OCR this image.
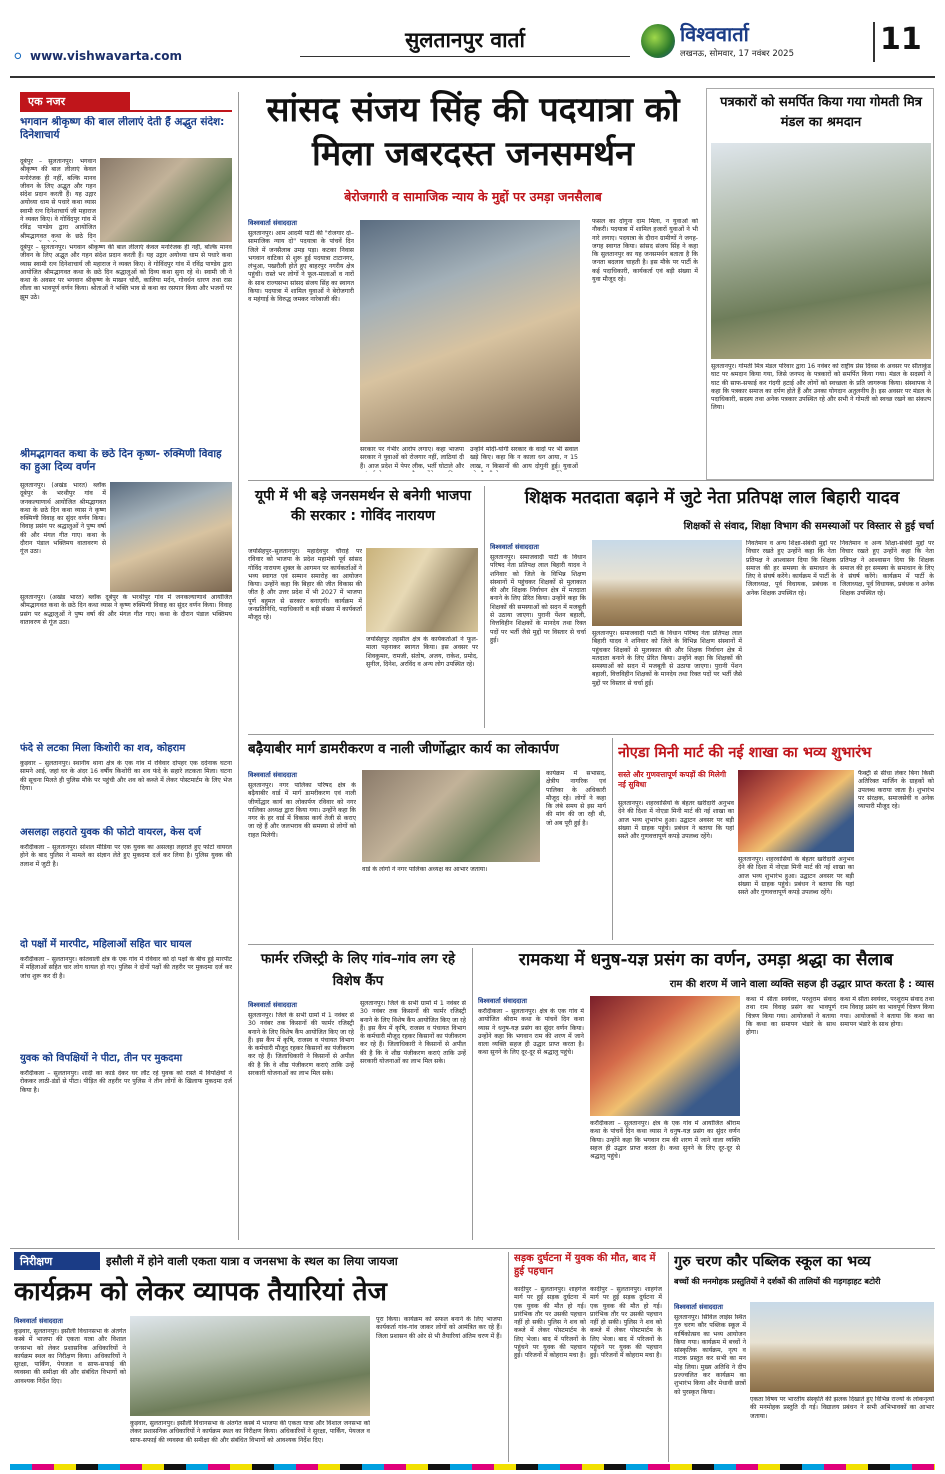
⚪ www.vishwavarta.com
सुलतानपुर वार्ता	विश्ववार्ता
लखनऊ, सोमवार, 17 नवंबर 2025	11
एक नजर
भगवान श्रीकृष्ण की बाल लीलाएं देती हैं अद्भुत संदेश: दिनेशाचार्य
दूबेपुर – सुलतानपुर। भगवान श्रीकृष्ण की बाल लीलाएं केवल मनोरंजक ही नहीं, बल्कि मानव जीवन के लिए अद्भुत और गहन संदेश प्रदान करती हैं। यह उद्गार अयोध्या धाम से पधारे कथा व्यास स्वामी रत्न दिनेशाचार्य जी महाराज ने व्यक्त किए। वे गोविंदपुर गांव में रविंद्र पाण्डेय द्वारा आयोजित श्रीमद्भागवत कथा के छठे दिन
दूबेपुर – सुलतानपुर। भगवान श्रीकृष्ण की बाल लीलाएं केवल मनोरंजक ही नहीं, बल्कि मानव जीवन के लिए अद्भुत और गहन संदेश प्रदान करती हैं। यह उद्गार अयोध्या धाम से पधारे कथा व्यास स्वामी रत्न दिनेशाचार्य जी महाराज ने व्यक्त किए। वे गोविंदपुर गांव में रविंद्र पाण्डेय द्वारा आयोजित श्रीमद्भागवत कथा के छठे दिन श्रद्धालुओं को दिव्य कथा सुना रहे थे। स्वामी जी ने कथा के अवसर पर भगवान श्रीकृष्ण के माखन चोरी, कालिया मर्दन, गोवर्धन धारण तथा रास लीला का भावपूर्ण वर्णन किया। श्रोताओं ने भक्ति भाव से कथा का रसपान किया और भजनों पर झूम उठे।
श्रीमद्भागवत कथा के छठे दिन कृष्ण- रुक्मिणी विवाह का हुआ दिव्य वर्णन
सुलतानपुर। (अखंड भारत) ब्लॉक दूबेपुर के भरथीपुर गांव में जनकल्याणार्थ आयोजित श्रीमद्भागवत कथा के छठे दिन कथा व्यास ने कृष्ण रुक्मिणी विवाह का सुंदर वर्णन किया। विवाह प्रसंग पर श्रद्धालुओं ने पुष्प वर्षा की और मंगल गीत गाए। कथा के दौरान पंडाल भक्तिमय वातावरण से गूंज उठा।
सुलतानपुर। (अखंड भारत) ब्लॉक दूबेपुर के भरथीपुर गांव में जनकल्याणार्थ आयोजित श्रीमद्भागवत कथा के छठे दिन कथा व्यास ने कृष्ण रुक्मिणी विवाह का सुंदर वर्णन किया। विवाह प्रसंग पर श्रद्धालुओं ने पुष्प वर्षा की और मंगल गीत गाए। कथा के दौरान पंडाल भक्तिमय वातावरण से गूंज उठा।
फंदे से लटका मिला किशोरी का शव, कोहराम
कुड़वार – सुलतानपुर। स्थानीय थाना क्षेत्र के एक गांव में रविवार दोपहर एक दर्दनाक घटना सामने आई, जहां घर के अंदर 16 वर्षीय किशोरी का शव फंदे के सहारे लटकता मिला। घटना की सूचना मिलते ही पुलिस मौके पर पहुंची और शव को कब्जे में लेकर पोस्टमार्टम के लिए भेज दिया।
असलहा लहराते युवक की फोटो वायरल, केस दर्ज
करौंदीकला – सुलतानपुर। सोशल मीडिया पर एक युवक का असलहा लहराते हुए फोटो वायरल होने के बाद पुलिस ने मामले का संज्ञान लेते हुए मुकदमा दर्ज कर लिया है। पुलिस युवक की तलाश में जुटी है।
दो पक्षों में मारपीट, महिलाओं सहित चार घायल
करौंदीकला – सुलतानपुर। कोतवाली क्षेत्र के एक गांव में रविवार को दो पक्षों के बीच हुई मारपीट में महिलाओं सहित चार लोग घायल हो गए। पुलिस ने दोनों पक्षों की तहरीर पर मुकदमा दर्ज कर जांच शुरू कर दी है।
युवक को विपक्षियों ने पीटा, तीन पर मुकदमा
करौंदीकला – सुलतानपुर। शादी का कार्ड देकर घर लौट रहे युवक को रास्ते में विपक्षियों ने रोककर लाठी-डंडों से पीटा। पीड़ित की तहरीर पर पुलिस ने तीन लोगों के खिलाफ मुकदमा दर्ज किया है।
सांसद संजय सिंह की पदयात्रा को मिला जबरदस्त जनसमर्थन
बेरोजगारी व सामाजिक न्याय के मुद्दों पर उमड़ा जनसैलाब
विश्ववार्ता संवाददाता
सुलतानपुर। आम आदमी पार्टी की "रोजगार दो–सामाजिक न्याय दो" पदयात्रा के पांचवें दिन जिले में जनसैलाब उमड़ पड़ा। कटका निवास भगवान वाटिका से शुरू हुई पदयात्रा टाटानगर, लंभुआ, पखरौली होते हुए बाहरपुर नगरीय क्षेत्र पहुंची। रास्ते भर लोगों ने फूल-मालाओं व नारों के साथ राज्यसभा सांसद संजय सिंह का स्वागत किया। पदयात्रा में शामिल युवाओं ने बेरोजगारी व महंगाई के विरुद्ध जमकर नारेबाजी की।
सरकार पर गंभीर आरोप लगाए। कहा भाजपा सरकार ने युवाओं को रोजगार नहीं, लाठियां दी हैं। आज प्रदेश में पेपर लीक, भर्ती घोटाले और
उन्होंने मोदी-योगी सरकार के वादों पर भी सवाल खड़े किए। कहा कि न काला धन आया, न 15 लाख, न किसानों की आय दोगुनी हुई। युवाओं
फसल का दोगुना दाम मिला, न युवाओं को नौकरी। पदयात्रा में शामिल हजारों युवाओं ने भी नारे लगाए। पदयात्रा के दौरान ग्रामीणों ने जगह-जगह स्वागत किया। सांसद संजय सिंह ने कहा कि सुलतानपुर का यह जनसमर्थन बताता है कि जनता बदलाव चाहती है। इस मौके पर पार्टी के कई पदाधिकारी, कार्यकर्ता एवं बड़ी संख्या में युवा मौजूद रहे।
पत्रकारों को समर्पित किया गया गोमती मित्र मंडल का श्रमदान
सुलतानपुर। गोमती मित्र मंडल परिवार द्वारा 16 नवंबर को राष्ट्रीय प्रेस दिवस के अवसर पर सीताकुंड घाट पर श्रमदान किया गया, जिसे जनपद के पत्रकारों को समर्पित किया गया। मंडल के सदस्यों ने घाट की साफ-सफाई कर गंदगी हटाई और लोगों को स्वच्छता के प्रति जागरूक किया। संस्थापक ने कहा कि पत्रकार समाज का दर्पण होते हैं और उनका योगदान अतुलनीय है। इस अवसर पर मंडल के पदाधिकारी, सदस्य तथा अनेक पत्रकार उपस्थित रहे और सभी ने गोमती को स्वच्छ रखने का संकल्प लिया।
यूपी में भी बड़े जनसमर्थन से बनेगी भाजपा की सरकार : गोविंद नारायण
जयसिंहपुर–सुलतानपुर। महादेवपुर चौराहे पर रविवार को भाजपा के प्रदेश महामंत्री पूर्व सांसद गोविंद नारायण शुक्ल के आगमन पर कार्यकर्ताओं ने भव्य स्वागत एवं सम्मान समारोह का आयोजन किया। उन्होंने कहा कि बिहार की जीत विकास की जीत है और उत्तर प्रदेश में भी 2027 में भाजपा पूर्ण बहुमत से सरकार बनाएगी। कार्यक्रम में जनप्रतिनिधि, पदाधिकारी व बड़ी संख्या में कार्यकर्ता मौजूद रहे।
जयसिंहपुर तहसील क्षेत्र के कार्यकर्ताओं ने फूल-माला पहनाकर स्वागत किया। इस अवसर पर शिवकुमार, रामजी, संतोष, अजय, राकेश, प्रमोद, सुनील, दिनेश, अरविंद व अन्य लोग उपस्थित रहे।
शिक्षक मतदाता बढ़ाने में जुटे नेता प्रतिपक्ष लाल बिहारी यादव
शिक्षकों से संवाद, शिक्षा विभाग की समस्याओं पर विस्तार से हुई चर्चा
विश्ववार्ता संवाददाता
सुलतानपुर। समाजवादी पार्टी के विधान परिषद नेता प्रतिपक्ष लाल बिहारी यादव ने शनिवार को जिले के विभिन्न शिक्षण संस्थानों में पहुंचकर शिक्षकों से मुलाकात की और शिक्षक निर्वाचन क्षेत्र में मतदाता बनाने के लिए प्रेरित किया। उन्होंने कहा कि शिक्षकों की समस्याओं को सदन में मजबूती से उठाया जाएगा। पुरानी पेंशन बहाली, वित्तविहीन शिक्षकों के मानदेय तथा रिक्त पदों पर भर्ती जैसे मुद्दों पर विस्तार से चर्चा हुई।
सुलतानपुर। समाजवादी पार्टी के विधान परिषद नेता प्रतिपक्ष लाल बिहारी यादव ने शनिवार को जिले के विभिन्न शिक्षण संस्थानों में पहुंचकर शिक्षकों से मुलाकात की और शिक्षक निर्वाचन क्षेत्र में मतदाता बनाने के लिए प्रेरित किया। उन्होंने कहा कि शिक्षकों की समस्याओं को सदन में मजबूती से उठाया जाएगा। पुरानी पेंशन बहाली, वित्तविहीन शिक्षकों के मानदेय तथा रिक्त पदों पर भर्ती जैसे मुद्दों पर विस्तार से चर्चा हुई।
निवर्तमान व अन्य शिक्षा-संबंधी मुद्दों पर विचार रखते हुए उन्होंने कहा कि नेता प्रतिपक्ष ने आश्वासन दिया कि शिक्षक समाज की हर समस्या के समाधान के लिए वे संघर्ष करेंगे। कार्यक्रम में पार्टी के जिलाध्यक्ष, पूर्व विधायक, प्रबंधक व अनेक शिक्षक उपस्थित रहे।
निवर्तमान व अन्य शिक्षा-संबंधी मुद्दों पर विचार रखते हुए उन्होंने कहा कि नेता प्रतिपक्ष ने आश्वासन दिया कि शिक्षक समाज की हर समस्या के समाधान के लिए वे संघर्ष करेंगे। कार्यक्रम में पार्टी के जिलाध्यक्ष, पूर्व विधायक, प्रबंधक व अनेक शिक्षक उपस्थित रहे।
बढ़ैयाबीर मार्ग डामरीकरण व नाली जीर्णोद्धार कार्य का लोकार्पण
विश्ववार्ता संवाददाता
सुलतानपुर। नगर पालिका परिषद क्षेत्र के बढ़ैयाबीर वार्ड में मार्ग डामरीकरण एवं नाली जीर्णोद्धार कार्य का लोकार्पण रविवार को नगर पालिका अध्यक्ष द्वारा किया गया। उन्होंने कहा कि नगर के हर वार्ड में विकास कार्य तेजी से कराए जा रहे हैं और जलभराव की समस्या से लोगों को राहत मिलेगी।
वार्ड के लोगों ने नगर पालिका अध्यक्ष का आभार जताया।
कार्यक्रम में सभासद, क्षेत्रीय नागरिक एवं पालिका के अधिकारी मौजूद रहे। लोगों ने कहा कि लंबे समय से इस मार्ग की मांग की जा रही थी, जो अब पूरी हुई है।
नोएडा मिनी मार्ट की नई शाखा का भव्य शुभारंभ
सस्ते और गुणवत्तापूर्ण कपड़ों की मिलेगी नई सुविधा
सुलतानपुर। शहरवासियों के बेहतर खरीदारी अनुभव देने की दिशा में नोएडा मिनी मार्ट की नई शाखा का आज भव्य शुभारंभ हुआ। उद्घाटन अवसर पर बड़ी संख्या में ग्राहक पहुंचे। प्रबंधन ने बताया कि यहां सस्ते और गुणवत्तापूर्ण कपड़े उपलब्ध रहेंगे।
फैक्ट्री से सीधा लेकर बिना किसी अतिरिक्त मार्जिन के ग्राहकों को उपलब्ध कराया जाता है। शुभारंभ पर संरक्षक, समाजसेवी व अनेक व्यापारी मौजूद रहे।
सुलतानपुर। शहरवासियों के बेहतर खरीदारी अनुभव देने की दिशा में नोएडा मिनी मार्ट की नई शाखा का आज भव्य शुभारंभ हुआ। उद्घाटन अवसर पर बड़ी संख्या में ग्राहक पहुंचे। प्रबंधन ने बताया कि यहां सस्ते और गुणवत्तापूर्ण कपड़े उपलब्ध रहेंगे।
फार्मर रजिस्ट्री के लिए गांव–गांव लग रहे विशेष कैंप
विश्ववार्ता संवाददाता
सुलतानपुर। जिले के सभी ग्रामों में 1 नवंबर से 30 नवंबर तक किसानों की फार्मर रजिस्ट्री बनाने के लिए विशेष कैंप आयोजित किए जा रहे हैं। इस कैंप में कृषि, राजस्व व पंचायत विभाग के कर्मचारी मौजूद रहकर किसानों का पंजीकरण कर रहे हैं। जिलाधिकारी ने किसानों से अपील की है कि वे शीघ्र पंजीकरण कराएं ताकि उन्हें सरकारी योजनाओं का लाभ मिल सके।
सुलतानपुर। जिले के सभी ग्रामों में 1 नवंबर से 30 नवंबर तक किसानों की फार्मर रजिस्ट्री बनाने के लिए विशेष कैंप आयोजित किए जा रहे हैं। इस कैंप में कृषि, राजस्व व पंचायत विभाग के कर्मचारी मौजूद रहकर किसानों का पंजीकरण कर रहे हैं। जिलाधिकारी ने किसानों से अपील की है कि वे शीघ्र पंजीकरण कराएं ताकि उन्हें सरकारी योजनाओं का लाभ मिल सके।
रामकथा में धनुष-यज्ञ प्रसंग का वर्णन, उमड़ा श्रद्धा का सैलाब
राम की शरण में जाने वाला व्यक्ति सहज ही उद्धार प्राप्त करता है : व्यास
विश्ववार्ता संवाददाता
करौंदीकला – सुलतानपुर। क्षेत्र के एक गांव में आयोजित श्रीराम कथा के पांचवें दिन कथा व्यास ने धनुष-यज्ञ प्रसंग का सुंदर वर्णन किया। उन्होंने कहा कि भगवान राम की शरण में जाने वाला व्यक्ति सहज ही उद्धार प्राप्त करता है। कथा सुनने के लिए दूर-दूर से श्रद्धालु पहुंचे।
करौंदीकला – सुलतानपुर। क्षेत्र के एक गांव में आयोजित श्रीराम कथा के पांचवें दिन कथा व्यास ने धनुष-यज्ञ प्रसंग का सुंदर वर्णन किया। उन्होंने कहा कि भगवान राम की शरण में जाने वाला व्यक्ति सहज ही उद्धार प्राप्त करता है। कथा सुनने के लिए दूर-दूर से श्रद्धालु पहुंचे।
कथा में सीता स्वयंवर, परशुराम संवाद तथा राम विवाह प्रसंग का भावपूर्ण चित्रण किया गया। आयोजकों ने बताया कि कथा का समापन भंडारे के साथ होगा।
कथा में सीता स्वयंवर, परशुराम संवाद तथा राम विवाह प्रसंग का भावपूर्ण चित्रण किया गया। आयोजकों ने बताया कि कथा का समापन भंडारे के साथ होगा।
निरीक्षण	इसौली में होने वाली एकता यात्रा व जनसभा के स्थल का लिया जायजा
कार्यक्रम को लेकर व्यापक तैयारियां तेज
विश्ववार्ता संवाददाता
कुड़वार, सुलतानपुर। इसौली विधानसभा के अंतर्गत कस्बे में भाजपा की एकता यात्रा और विशाल जनसभा को लेकर प्रशासनिक अधिकारियों ने कार्यक्रम स्थल का निरीक्षण किया। अधिकारियों ने सुरक्षा, पार्किंग, पेयजल व साफ-सफाई की व्यवस्था की समीक्षा की और संबंधित विभागों को आवश्यक निर्देश दिए।
कुड़वार, सुलतानपुर। इसौली विधानसभा के अंतर्गत कस्बे में भाजपा की एकता यात्रा और विशाल जनसभा को लेकर प्रशासनिक अधिकारियों ने कार्यक्रम स्थल का निरीक्षण किया। अधिकारियों ने सुरक्षा, पार्किंग, पेयजल व साफ-सफाई की व्यवस्था की समीक्षा की और संबंधित विभागों को आवश्यक निर्देश दिए।
पूरा किया। कार्यक्रम को सफल बनाने के लिए भाजपा कार्यकर्ता गांव-गांव जाकर लोगों को आमंत्रित कर रहे हैं। जिला प्रशासन की ओर से भी तैयारियां अंतिम चरण में हैं।
सड़क दुर्घटना में युवक की मौत, बाद में हुई पहचान
कादीपुर – सुलतानपुर। शाहगंज मार्ग पर हुई सड़क दुर्घटना में एक युवक की मौत हो गई। प्रारंभिक तौर पर उसकी पहचान नहीं हो सकी। पुलिस ने शव को कब्जे में लेकर पोस्टमार्टम के लिए भेजा। बाद में परिजनों के पहुंचने पर युवक की पहचान हुई। परिजनों में कोहराम मचा है।
कादीपुर – सुलतानपुर। शाहगंज मार्ग पर हुई सड़क दुर्घटना में एक युवक की मौत हो गई। प्रारंभिक तौर पर उसकी पहचान नहीं हो सकी। पुलिस ने शव को कब्जे में लेकर पोस्टमार्टम के लिए भेजा। बाद में परिजनों के पहुंचने पर युवक की पहचान हुई। परिजनों में कोहराम मचा है।
गुरु चरण कौर पब्लिक स्कूल का भव्य
बच्चों की मनमोहक प्रस्तुतियों ने दर्शकों की तालियों की गड़गड़ाहट बटोरी
विश्ववार्ता संवाददाता
सुलतानपुर। सिविल लाइंस स्थित गुरु चरण कौर पब्लिक स्कूल में वार्षिकोत्सव का भव्य आयोजन किया गया। कार्यक्रम में बच्चों ने सांस्कृतिक कार्यक्रम, नृत्य व नाटक प्रस्तुत कर सभी का मन मोह लिया। मुख्य अतिथि ने दीप प्रज्ज्वलित कर कार्यक्रम का शुभारंभ किया और मेधावी छात्रों को पुरस्कृत किया।
एकता विषय पर भारतीय संस्कृति की झलक दिखाते हुए विभिन्न राज्यों के लोकनृत्यों की मनमोहक प्रस्तुति दी गई। विद्यालय प्रबंधन ने सभी अभिभावकों का आभार जताया।
